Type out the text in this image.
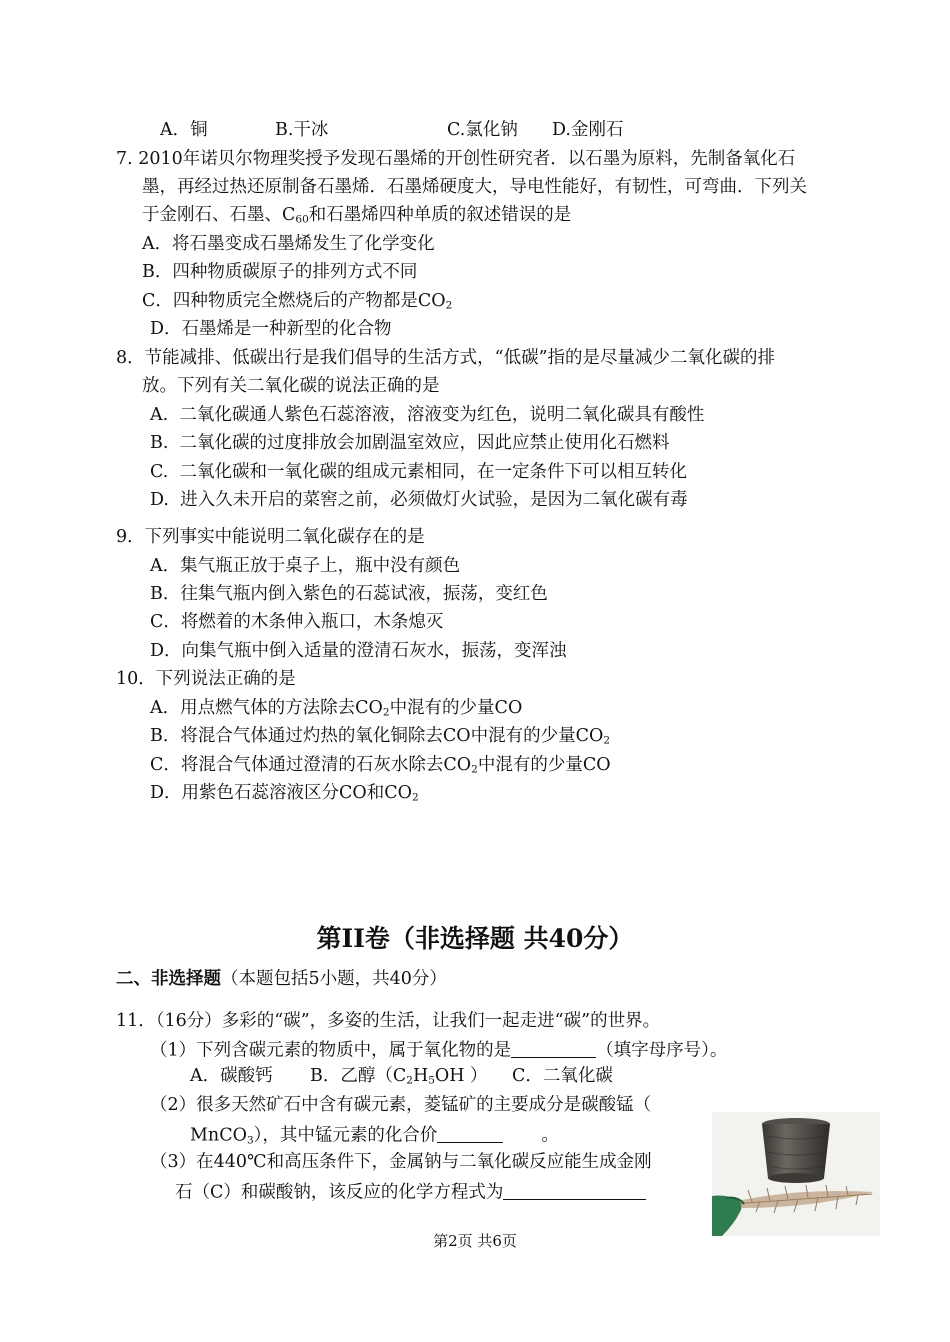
A．铜	B.干冰	C.氯化钠 D.金刚石
7. 2010年诺贝尔物理奖授予发现石墨烯的开创性研究者．以石墨为原料，先制备氧化石
墨，再经过热还原制备石墨烯．石墨烯硬度大，导电性能好，有韧性，可弯曲．下列关
于金刚石、石墨、$C_{60}$和石墨烯四种单质的叙述错误的是
A．将石墨变成石墨烯发生了化学变化
B．四种物质碳原子的排列方式不同
C．四种物质完全燃烧后的产物都是$CO_2$
D．石墨烯是一种新型的化合物
8．节能减排、低碳出行是我们倡导的生活方式，“低碳”指的是尽量减少二氧化碳的排
放。下列有关二氧化碳的说法正确的是
A.  二氧化碳通人紫色石蕊溶液，溶液变为红色，说明二氧化碳具有酸性
B.  二氧化碳的过度排放会加剧温室效应，因此应禁止使用化石燃料
C.  二氧化碳和一氧化碳的组成元素相同，在一定条件下可以相互转化
D.  进入久未开启的菜窖之前，必须做灯火试验，是因为二氧化碳有毒
9．下列事实中能说明二氧化碳存在的是
A．集气瓶正放于桌子上，瓶中没有颜色
B．往集气瓶内倒入紫色的石蕊试液，振荡，变红色
C．将燃着的木条伸入瓶口，木条熄灭
D．向集气瓶中倒入适量的澄清石灰水，振荡，变浑浊
10．下列说法正确的是
A．用点燃气体的方法除去$CO_2$中混有的少量CO
B．将混合气体通过灼热的氧化铜除去CO中混有的少量$CO_2$
C．将混合气体通过澄清的石灰水除去$CO_2$中混有的少量CO
D．用紫色石蕊溶液区分CO和$CO_2$
第II卷（非选择题 共40分）
二、非选择题（本题包括5小题，共40分）
11．（16分）多彩的“碳”，多姿的生活，让我们一起走进“碳”的世界。
（1）下列含碳元素的物质中，属于氧化物的是	（填字母序号）。
A．碳酸钙 B．乙醇（$C_2H_5OH$ ） C．二氧化碳
（2）很多天然矿石中含有碳元素，菱锰矿的主要成分是碳酸锰（
MnCO$_3$），其中锰元素的化合价	。
（3）在440℃和高压条件下，金属钠与二氧化碳反应能生成金刚
石（C）和碳酸钠，该反应的化学方程式为
第2页 共6页
